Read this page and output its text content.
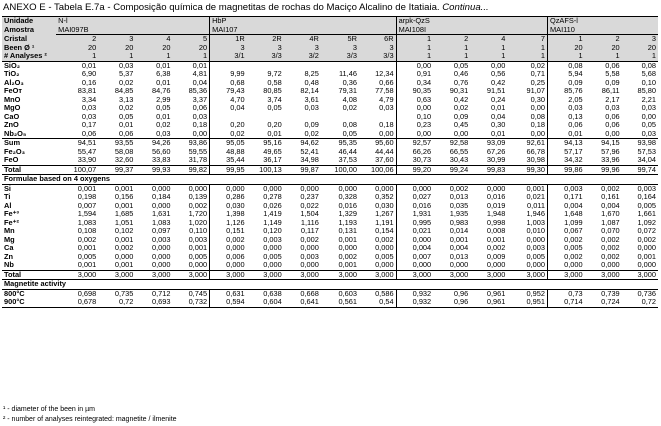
ANEXO E - Tabela E.7a - Composição química de magnetitas de rochas do Maciço Alcalino de Itatiaia. Continua...
Unidade	N-l				HbP					arpk-QzS				QzAFS-l		
Amostra	MAI097B				MAI107					MAI108I				MAI110		
Cristal	2	3	4	5	1R	2R	4R	5R	6R	1	2	4	7	1	2	3
Been Ø ¹	20	20	20	20	3	3	3	3	3	1	1	1	1	20	20	20
# Analyses ²	1	1	1	1	3/1	3/3	3/2	3/3	3/3	1	1	1	1	1	1	1
SiO₂	0,01	0,03	0,01	0,01						0,00	0,05	0,00	0,02	0,08	0,06	0,08
TiO₂	6,90	5,37	6,38	4,81	9,99	9,72	8,25	11,46	12,34	0,91	0,46	0,56	0,71	5,94	5,58	5,68
Al₂O₃	0,16	0,02	0,01	0,04	0,68	0,58	0,48	0,36	0,66	0,34	0,76	0,42	0,25	0,09	0,09	0,10
FeOт	83,81	84,85	84,76	85,36	79,43	80,85	82,14	79,31	77,58	90,35	90,31	91,51	91,07	85,76	86,11	85,80
MnO	3,34	3,13	2,99	3,37	4,70	3,74	3,61	4,08	4,79	0,63	0,42	0,24	0,30	2,05	2,17	2,21
MgO	0,03	0,02	0,05	0,06	0,04	0,05	0,03	0,02	0,03	0,00	0,02	0,01	0,00	0,03	0,03	0,03
CaO	0,03	0,05	0,01	0,03						0,10	0,09	0,04	0,08	0,13	0,06	0,00
ZnO	0,17	0,01	0,02	0,18	0,20	0,20	0,09	0,08	0,18	0,23	0,45	0,30	0,18	0,06	0,06	0,05
Nb₂O₅	0,06	0,06	0,03	0,00	0,02	0,01	0,02	0,05	0,00	0,00	0,00	0,01	0,00	0,01	0,00	0,03
Sum	94,51	93,55	94,26	93,86	95,05	95,16	94,62	95,35	95,60	92,57	92,58	93,09	92,61	94,13	94,15	93,98
Fe₂O₃	55,47	58,08	56,60	59,55	48,88	49,65	52,41	46,44	44,44	66,26	66,55	67,26	66,78	57,17	57,96	57,53
FeO	33,90	32,60	33,83	31,78	35,44	36,17	34,98	37,53	37,60	30,73	30,43	30,99	30,98	34,32	33,96	34,04
Total	100,07	99,37	99,93	99,82	99,95	100,13	99,87	100,00	100,06	99,20	99,24	99,83	99,30	99,86	99,96	99,74
Formulae based on 4 oxygens																
Si	0,001	0,001	0,000	0,000	0,000	0,000	0,000	0,000	0,000	0,000	0,002	0,000	0,001	0,003	0,002	0,003
Ti	0,198	0,156	0,184	0,139	0,286	0,278	0,237	0,328	0,352	0,027	0,013	0,016	0,021	0,171	0,161	0,164
Al	0,007	0,001	0,000	0,002	0,030	0,026	0,022	0,016	0,030	0,016	0,035	0,019	0,011	0,004	0,004	0,005
Fe⁺³	1,594	1,685	1,631	1,720	1,398	1,419	1,504	1,329	1,267	1,931	1,935	1,948	1,946	1,648	1,670	1,661
Fe⁺²	1,083	1,051	1,083	1,020	1,126	1,149	1,116	1,193	1,191	0,995	0,983	0,998	1,003	1,099	1,087	1,092
Mn	0,108	0,102	0,097	0,110	0,151	0,120	0,117	0,131	0,154	0,021	0,014	0,008	0,010	0,067	0,070	0,072
Mg	0,002	0,001	0,003	0,003	0,002	0,003	0,002	0,001	0,002	0,000	0,001	0,001	0,000	0,002	0,002	0,002
Ca	0,001	0,002	0,000	0,001	0,000	0,000	0,000	0,000	0,000	0,004	0,004	0,002	0,003	0,005	0,002	0,000
Zn	0,005	0,000	0,000	0,005	0,006	0,005	0,003	0,002	0,005	0,007	0,013	0,009	0,005	0,002	0,002	0,001
Nb	0,001	0,001	0,000	0,000	0,000	0,000	0,000	0,001	0,000	0,000	0,000	0,000	0,000	0,000	0,000	0,000
Total	3,000	3,000	3,000	3,000	3,000	3,000	3,000	3,000	3,000	3,000	3,000	3,000	3,000	3,000	3,000	3,000
Magnetite activity																
800°C	0,698	0,735	0,712	0,745	0,631	0,638	0,668	0,603	0,586	0,932	0,96	0,961	0,952	0,73	0,739	0,736
900°C	0,678	0,72	0,693	0,732	0,594	0,604	0,641	0,561	0,54	0,932	0,96	0,961	0,951	0,714	0,724	0,72
¹ - diameter of the been in µm
² - number of analyses reintegrated: magnetite / ilmenite
